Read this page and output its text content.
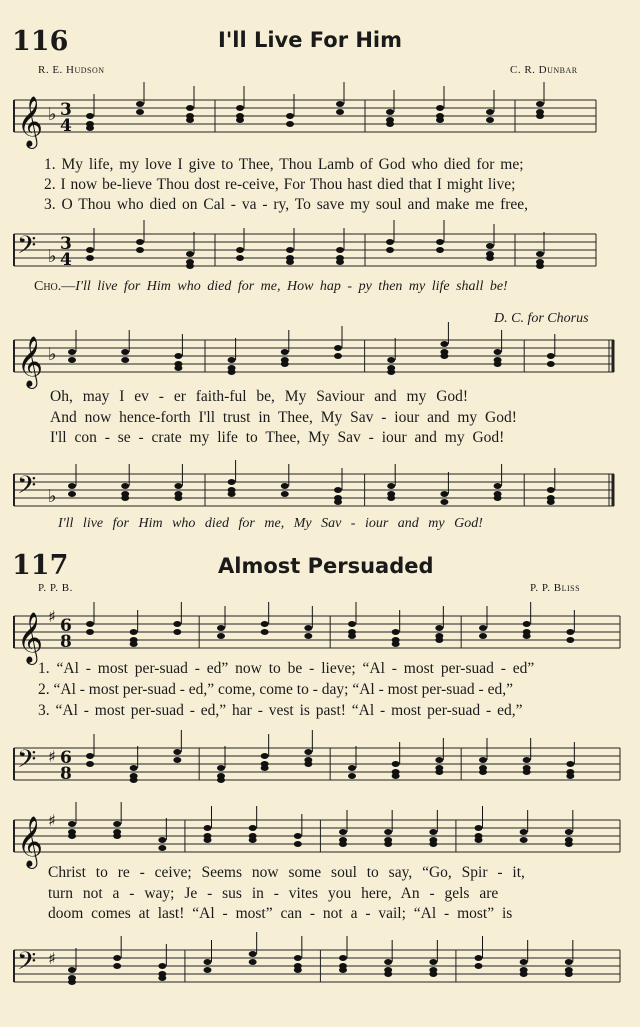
116	I'll Live For Him
R. E. Hudson	C. R. Dunbar
𝄞 ♭ 3
4
1. My life, my love I give to Thee, Thou Lamb of God who died for me;
2. I now be-lieve Thou dost re-ceive, For Thou hast died that I might live;
3. O Thou who died on Cal - va - ry, To save my soul and make me free,
𝄢 ♭
3
4
Cho.—I'll live for Him who died for me, How hap - py then my life shall be!
D. C. for Chorus
𝄞 ♭
Oh, may I ev - er faith-ful be, My Saviour and my God!
And now hence-forth I'll trust in Thee, My Sav - iour and my God!
I'll con - se - crate my life to Thee, My Sav - iour and my God!
𝄢 ♭
I'll live for Him who died for me, My Sav - iour and my God!
117	Almost Persuaded
P. P. B.	P. P. Bliss
𝄞 ♯ 6
8
1. “Al - most per-suad - ed” now to be - lieve; “Al - most per-suad - ed”
2. “Al - most per-suad - ed,” come, come to - day; “Al - most per-suad - ed,”
3. “Al - most per-suad - ed,” har - vest is past! “Al - most per-suad - ed,”
𝄢 ♯ 6
8
𝄞 ♯
Christ to re - ceive; Seems now some soul to say, “Go, Spir - it,
turn not a - way; Je - sus in - vites you here, An - gels are
doom comes at last! “Al - most” can - not a - vail; “Al - most” is
𝄢 ♯
